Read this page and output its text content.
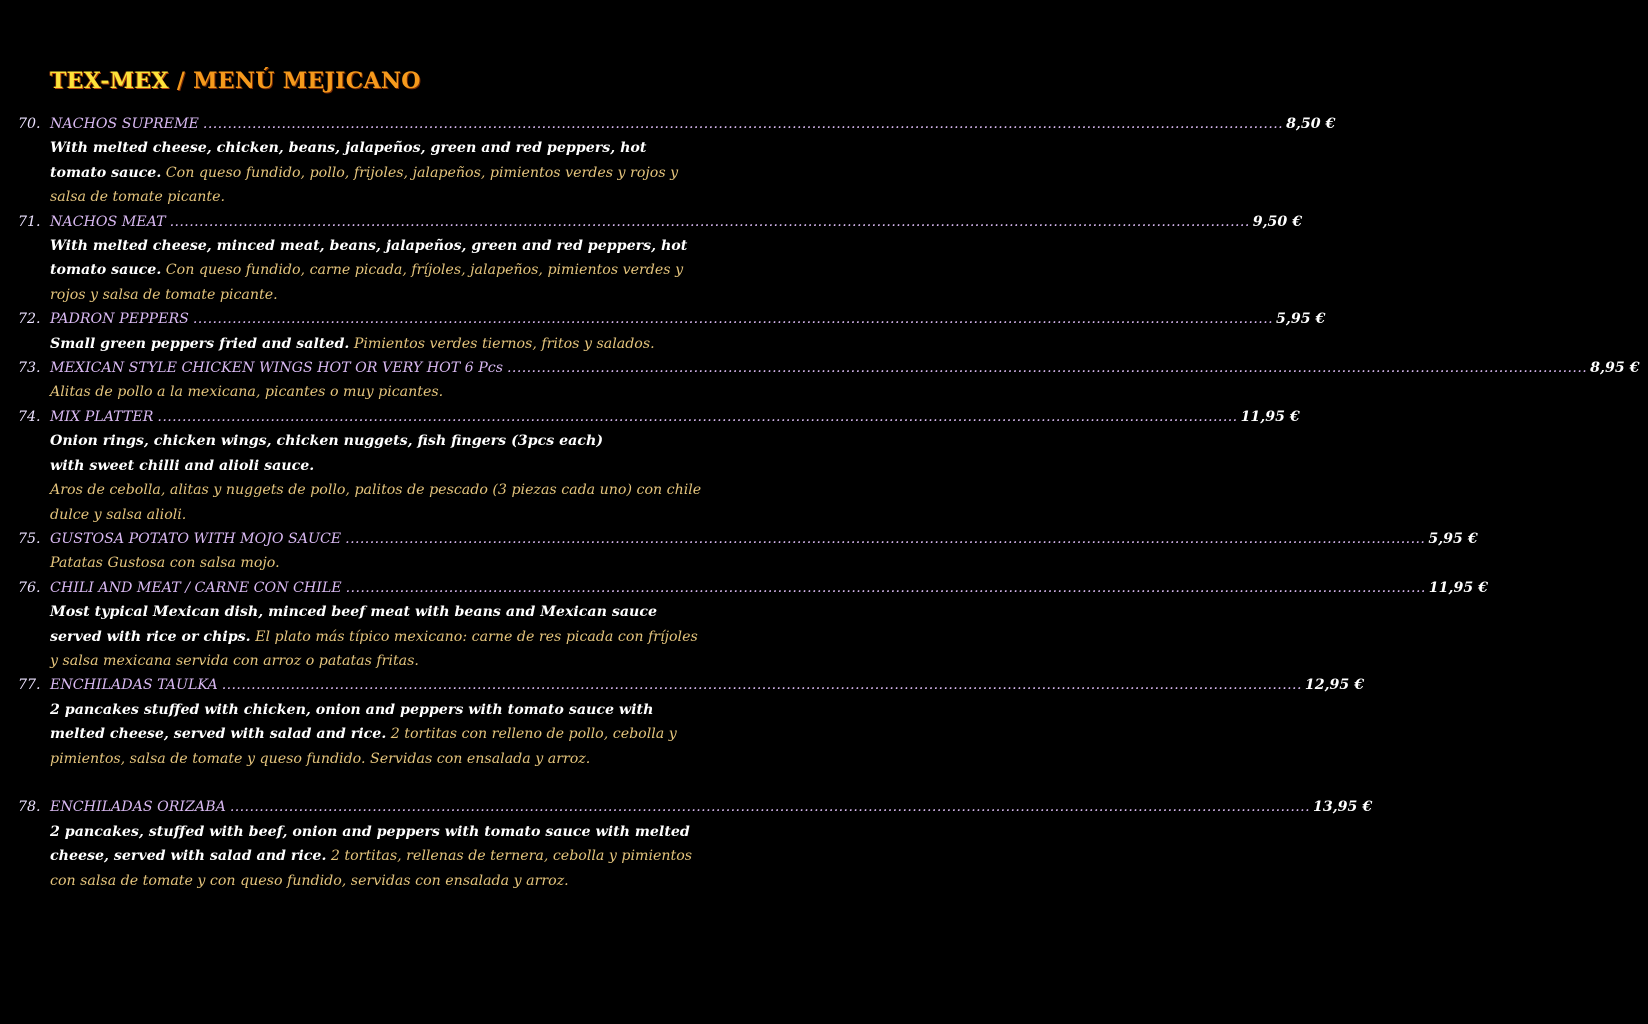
TEX-MEX / MENÚ MEJICANO
70. NACHOS SUPREME ............................................................................................................................................................................................................................ 8,50 €
With melted cheese, chicken, beans, jalapeños, green and red peppers, hot tomato sauce. Con queso fundido, pollo, frijoles, jalapeños, pimientos verdes y rojos y salsa de tomate picante.
71. NACHOS MEAT ............................................................................................................................................................................................................................ 9,50 €
With melted cheese, minced meat, beans, jalapeños, green and red peppers, hot tomato sauce. Con queso fundido, carne picada, fríjoles, jalapeños, pimientos verdes y rojos y salsa de tomate picante.
72. PADRON PEPPERS ............................................................................................................................................................................................................................ 5,95 €
Small green peppers fried and salted. Pimientos verdes tiernos, fritos y salados.
73. MEXICAN STYLE CHICKEN WINGS HOT OR VERY HOT 6 Pcs ............................................................................................................................................................................................................................ 8,95 €
Alitas de pollo a la mexicana, picantes o muy picantes.
74. MIX PLATTER ............................................................................................................................................................................................................................ 11,95 €
Onion rings, chicken wings, chicken nuggets, fish fingers (3pcs each)
with sweet chilli and alioli sauce.
Aros de cebolla, alitas y nuggets de pollo, palitos de pescado (3 piezas cada uno) con chile dulce y salsa alioli.
75. GUSTOSA POTATO WITH MOJO SAUCE ............................................................................................................................................................................................................................ 5,95 €
Patatas Gustosa con salsa mojo.
76. CHILI AND MEAT / CARNE CON CHILE ............................................................................................................................................................................................................................ 11,95 €
Most typical Mexican dish, minced beef meat with beans and Mexican sauce
served with rice or chips. El plato más típico mexicano: carne de res picada con fríjoles y salsa mexicana servida con arroz o patatas fritas.
77. ENCHILADAS TAULKA ............................................................................................................................................................................................................................ 12,95 €
2 pancakes stuffed with chicken, onion and peppers with tomato sauce with melted cheese, served with salad and rice. 2 tortitas con relleno de pollo, cebolla y pimientos, salsa de tomate y queso fundido. Servidas con ensalada y arroz.
78. ENCHILADAS ORIZABA ............................................................................................................................................................................................................................ 13,95 €
2 pancakes, stuffed with beef, onion and peppers with tomato sauce with melted cheese, served with salad and rice. 2 tortitas, rellenas de ternera, cebolla y pimientos con salsa de tomate y con queso fundido, servidas con ensalada y arroz.
